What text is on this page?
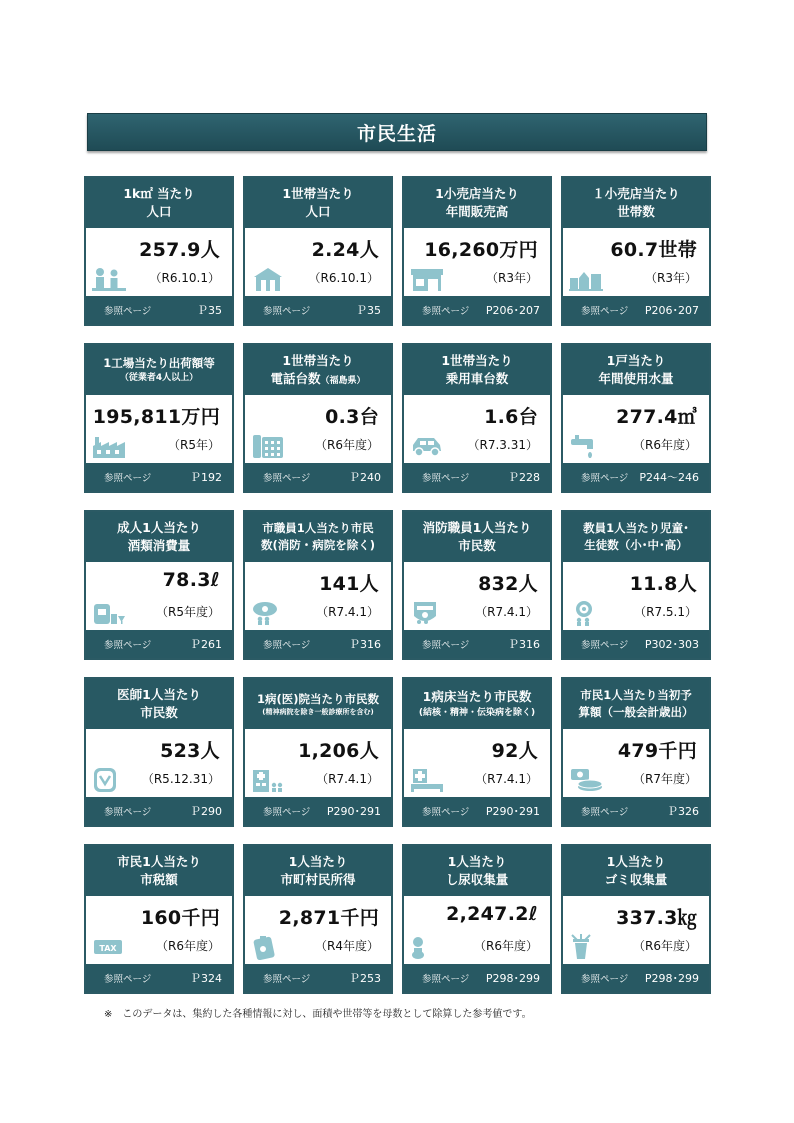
市民生活
1k㎡ 当たり
人口
257.9人
（R6.10.1）
参照ページ	Ｐ35
1世帯当たり
人口
2.24人
（R6.10.1）
参照ページ	Ｐ35
1小売店当たり
年間販売高
16,260万円
（R3年）
参照ページ P206･207
１小売店当たり
世帯数
60.7世帯
（R3年）
参照ページ P206･207
1工場当たり出荷額等
（従業者4人以上）
195,811万円
（R5年）
参照ページ	Ｐ192
1世帯当たり
電話台数（福島県）
0.3台
（R6年度）
参照ページ	Ｐ240
1世帯当たり
乗用車台数
1.6台
（R7.3.31）
参照ページ	Ｐ228
1戸当たり
年間使用水量
277.4㎥
（R6年度）
参照ページ P244～246
成人1人当たり
酒類消費量
78.3ℓ
（R5年度）
参照ページ	Ｐ261
市職員1人当たり市民
数(消防・病院を除く)
141人
（R7.4.1）
参照ページ	Ｐ316
消防職員1人当たり
市民数
832人
（R7.4.1）
参照ページ	Ｐ316
教員1人当たり児童･
生徒数（小･中･高）
11.8人
（R7.5.1）
参照ページ P302･303
医師1人当たり
市民数
523人
（R5.12.31）
参照ページ	Ｐ290
1病(医)院当たり市民数
(精神病院を除き一般診療所を含む)
1,206人
（R7.4.1）
参照ページ P290･291
1病床当たり市民数
(結核・精神・伝染病を除く)
92人
（R7.4.1）
参照ページ P290･291
市民1人当たり当初予
算額（一般会計歳出）
479千円
（R7年度）
参照ページ	Ｐ326
市民1人当たり
市税額
160千円
（R6年度）
TAX
参照ページ	Ｐ324
1人当たり
市町村民所得
2,871千円
（R4年度）
参照ページ	Ｐ253
1人当たり
し尿収集量
2,247.2ℓ
（R6年度）
参照ページ P298･299
1人当たり
ゴミ収集量
337.3㎏
（R6年度）
参照ページ P298･299
※　このデータは、集約した各種情報に対し、面積や世帯等を母数として除算した参考値です。
